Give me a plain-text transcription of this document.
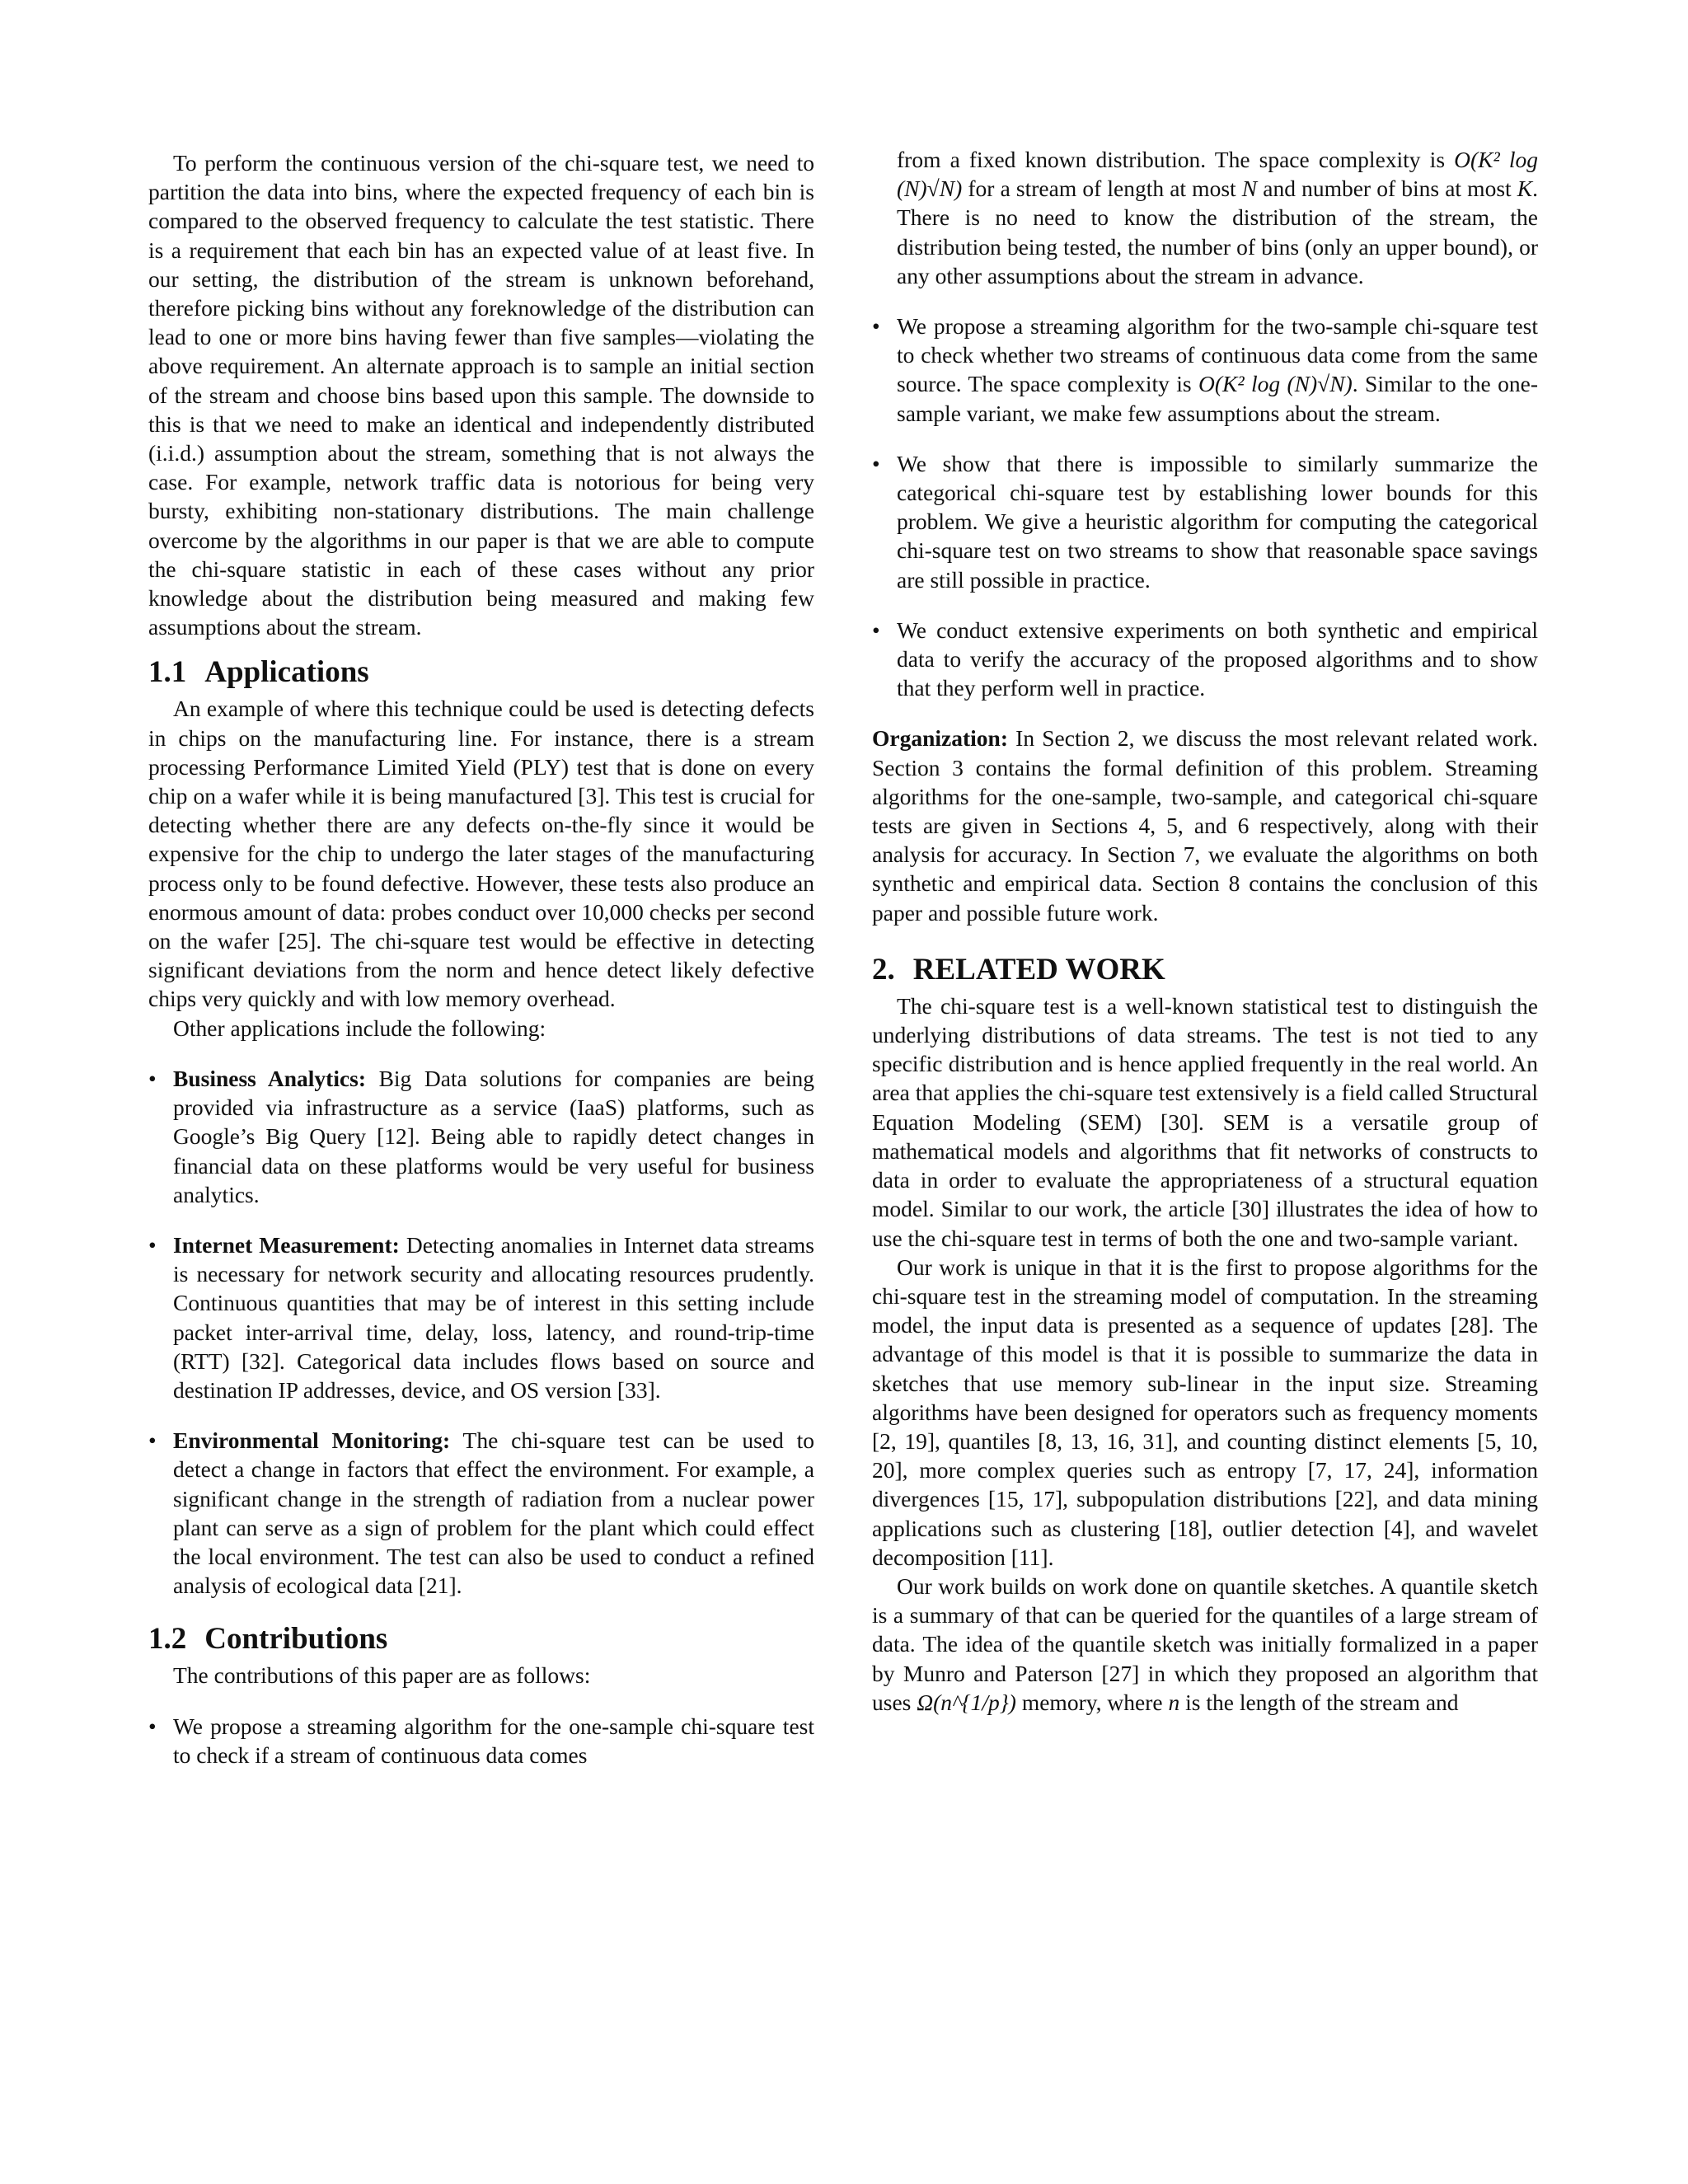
To perform the continuous version of the chi-square test, we need to partition the data into bins, where the expected frequency of each bin is compared to the observed frequency to calculate the test statistic. There is a requirement that each bin has an expected value of at least five. In our setting, the distribution of the stream is unknown beforehand, therefore picking bins without any foreknowledge of the distribution can lead to one or more bins having fewer than five samples—violating the above requirement. An alternate approach is to sample an initial section of the stream and choose bins based upon this sample. The downside to this is that we need to make an identical and independently distributed (i.i.d.) assumption about the stream, something that is not always the case. For example, network traffic data is notorious for being very bursty, exhibiting non-stationary distributions. The main challenge overcome by the algorithms in our paper is that we are able to compute the chi-square statistic in each of these cases without any prior knowledge about the distribution being measured and making few assumptions about the stream.

1.1 Applications

An example of where this technique could be used is detecting defects in chips on the manufacturing line. For instance, there is a stream processing Performance Limited Yield (PLY) test that is done on every chip on a wafer while it is being manufactured [3]. This test is crucial for detecting whether there are any defects on-the-fly since it would be expensive for the chip to undergo the later stages of the manufacturing process only to be found defective. However, these tests also produce an enormous amount of data: probes conduct over 10,000 checks per second on the wafer [25]. The chi-square test would be effective in detecting significant deviations from the norm and hence detect likely defective chips very quickly and with low memory overhead.

Other applications include the following:

• Business Analytics: Big Data solutions for companies are being provided via infrastructure as a service (IaaS) platforms, such as Google’s Big Query [12]. Being able to rapidly detect changes in financial data on these platforms would be very useful for business analytics.
• Internet Measurement: Detecting anomalies in Internet data streams is necessary for network security and allocating resources prudently. Continuous quantities that may be of interest in this setting include packet inter-arrival time, delay, loss, latency, and round-trip-time (RTT) [32]. Categorical data includes flows based on source and destination IP addresses, device, and OS version [33].
• Environmental Monitoring: The chi-square test can be used to detect a change in factors that effect the environment. For example, a significant change in the strength of radiation from a nuclear power plant can serve as a sign of problem for the plant which could effect the local environment. The test can also be used to conduct a refined analysis of ecological data [21].
1.2 Contributions

The contributions of this paper are as follows:

• We propose a streaming algorithm for the one-sample chi-square test to check if a stream of continuous data comes

from a fixed known distribution. The space complexity is O(K² log (N)√N) for a stream of length at most N and number of bins at most K. There is no need to know the distribution of the stream, the distribution being tested, the number of bins (only an upper bound), or any other assumptions about the stream in advance.

• We propose a streaming algorithm for the two-sample chi-square test to check whether two streams of continuous data come from the same source. The space complexity is O(K² log (N)√N). Similar to the one-sample variant, we make few assumptions about the stream.
• We show that there is impossible to similarly summarize the categorical chi-square test by establishing lower bounds for this problem. We give a heuristic algorithm for computing the categorical chi-square test on two streams to show that reasonable space savings are still possible in practice.
• We conduct extensive experiments on both synthetic and empirical data to verify the accuracy of the proposed algorithms and to show that they perform well in practice.

Organization: In Section 2, we discuss the most relevant related work. Section 3 contains the formal definition of this problem. Streaming algorithms for the one-sample, two-sample, and categorical chi-square tests are given in Sections 4, 5, and 6 respectively, along with their analysis for accuracy. In Section 7, we evaluate the algorithms on both synthetic and empirical data. Section 8 contains the conclusion of this paper and possible future work.

2. RELATED WORK

The chi-square test is a well-known statistical test to distinguish the underlying distributions of data streams. The test is not tied to any specific distribution and is hence applied frequently in the real world. An area that applies the chi-square test extensively is a field called Structural Equation Modeling (SEM) [30]. SEM is a versatile group of mathematical models and algorithms that fit networks of constructs to data in order to evaluate the appropriateness of a structural equation model. Similar to our work, the article [30] illustrates the idea of how to use the chi-square test in terms of both the one and two-sample variant.

Our work is unique in that it is the first to propose algorithms for the chi-square test in the streaming model of computation. In the streaming model, the input data is presented as a sequence of updates [28]. The advantage of this model is that it is possible to summarize the data in sketches that use memory sub-linear in the input size. Streaming algorithms have been designed for operators such as frequency moments [2, 19], quantiles [8, 13, 16, 31], and counting distinct elements [5, 10, 20], more complex queries such as entropy [7, 17, 24], information divergences [15, 17], subpopulation distributions [22], and data mining applications such as clustering [18], outlier detection [4], and wavelet decomposition [11].

Our work builds on work done on quantile sketches. A quantile sketch is a summary of that can be queried for the quantiles of a large stream of data. The idea of the quantile sketch was initially formalized in a paper by Munro and Paterson [27] in which they proposed an algorithm that uses Ω(n^{1/p}) memory, where n is the length of the stream and
